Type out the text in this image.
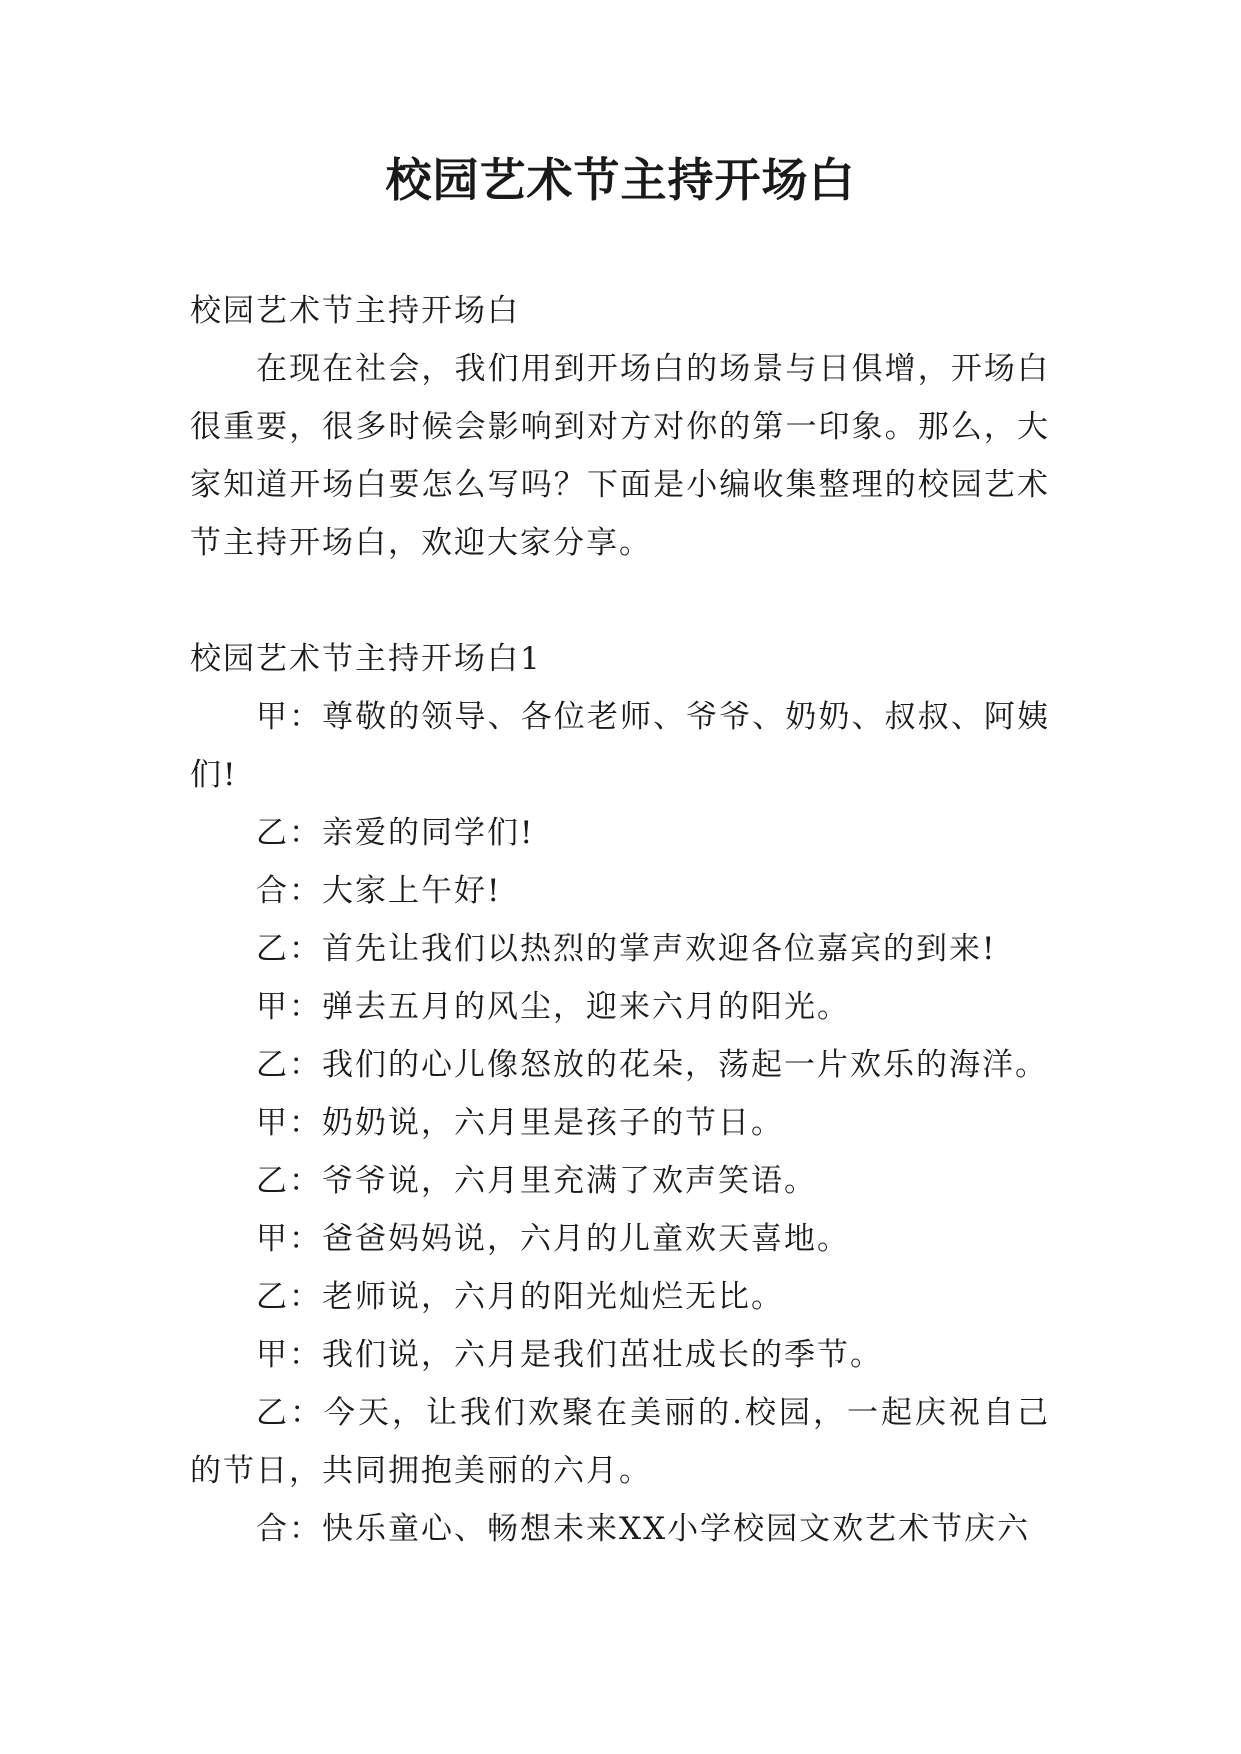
校园艺术节主持开场白

校园艺术节主持开场白

在现在社会，我们用到开场白的场景与日俱增，开场白很重要，很多时候会影响到对方对你的第一印象。那么，大家知道开场白要怎么写吗？下面是小编收集整理的校园艺术节主持开场白，欢迎大家分享。

校园艺术节主持开场白1

甲：尊敬的领导、各位老师、爷爷、奶奶、叔叔、阿姨们!

乙：亲爱的同学们!

合：大家上午好!

乙：首先让我们以热烈的掌声欢迎各位嘉宾的到来!

甲：弹去五月的风尘，迎来六月的阳光。

乙：我们的心儿像怒放的花朵，荡起一片欢乐的海洋。

甲：奶奶说，六月里是孩子的节日。

乙：爷爷说，六月里充满了欢声笑语。

甲：爸爸妈妈说，六月的儿童欢天喜地。

乙：老师说，六月的阳光灿烂无比。

甲：我们说，六月是我们茁壮成长的季节。

乙：今天，让我们欢聚在美丽的.校园，一起庆祝自己的节日，共同拥抱美丽的六月。

合：快乐童心、畅想未来XX小学校园文欢艺术节庆六
